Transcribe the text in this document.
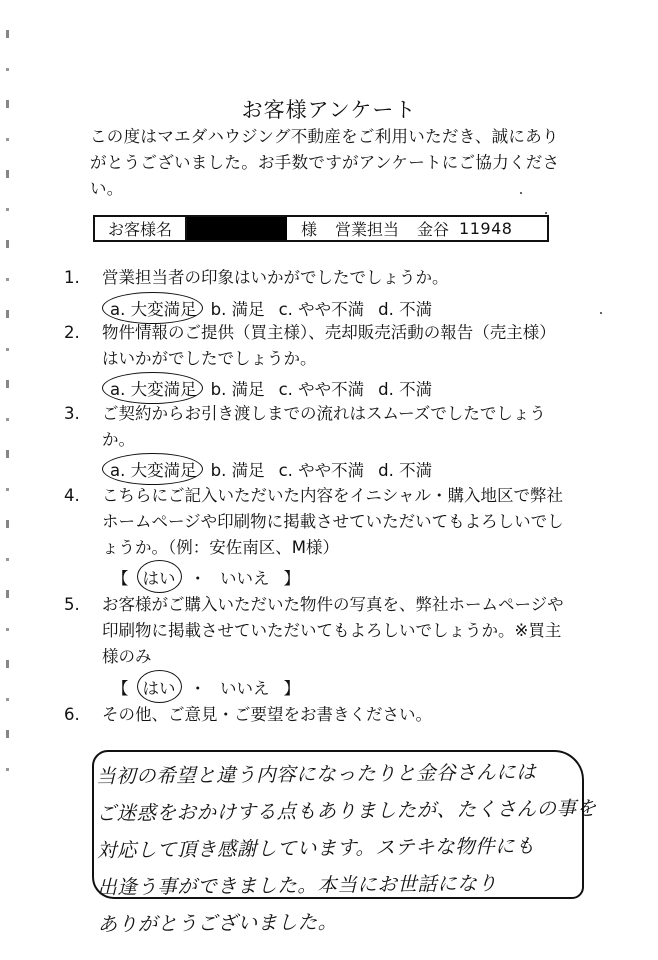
お客様アンケート
この度はマエダハウジング不動産をご利用いただき、誠にありがとうございました。お手数ですがアンケートにご協力ください。
お客様名	様 営業担当 金谷 11948
1.	営業担当者の印象はいかがでしたでしょうか。
a. 大変満足 b. 満足 c. やや不満 d. 不満
2.	物件情報のご提供（買主様）、売却販売活動の報告（売主様）はいかがでしたでしょうか。
a. 大変満足 b. 満足 c. やや不満 d. 不満
3.	ご契約からお引き渡しまでの流れはスムーズでしたでしょうか。
a. 大変満足 b. 満足 c. やや不満 d. 不満
4.	こちらにご記入いただいた内容をイニシャル・購入地区で弊社ホームページや印刷物に掲載させていただいてもよろしいでしょうか。（例：安佐南区、M様）
【 はい ・ いいえ 】
5.	お客様がご購入いただいた物件の写真を、弊社ホームページや印刷物に掲載させていただいてもよろしいでしょうか。※買主様のみ
【 はい ・ いいえ 】
6.	その他、ご意見・ご要望をお書きください。
当初の希望と違う内容になったりと金谷さんには
ご迷惑をおかけする点もありましたが、たくさんの事を
対応して頂き感謝しています。ステキな物件にも
出逢う事ができました。本当にお世話になり
ありがとうございました。
